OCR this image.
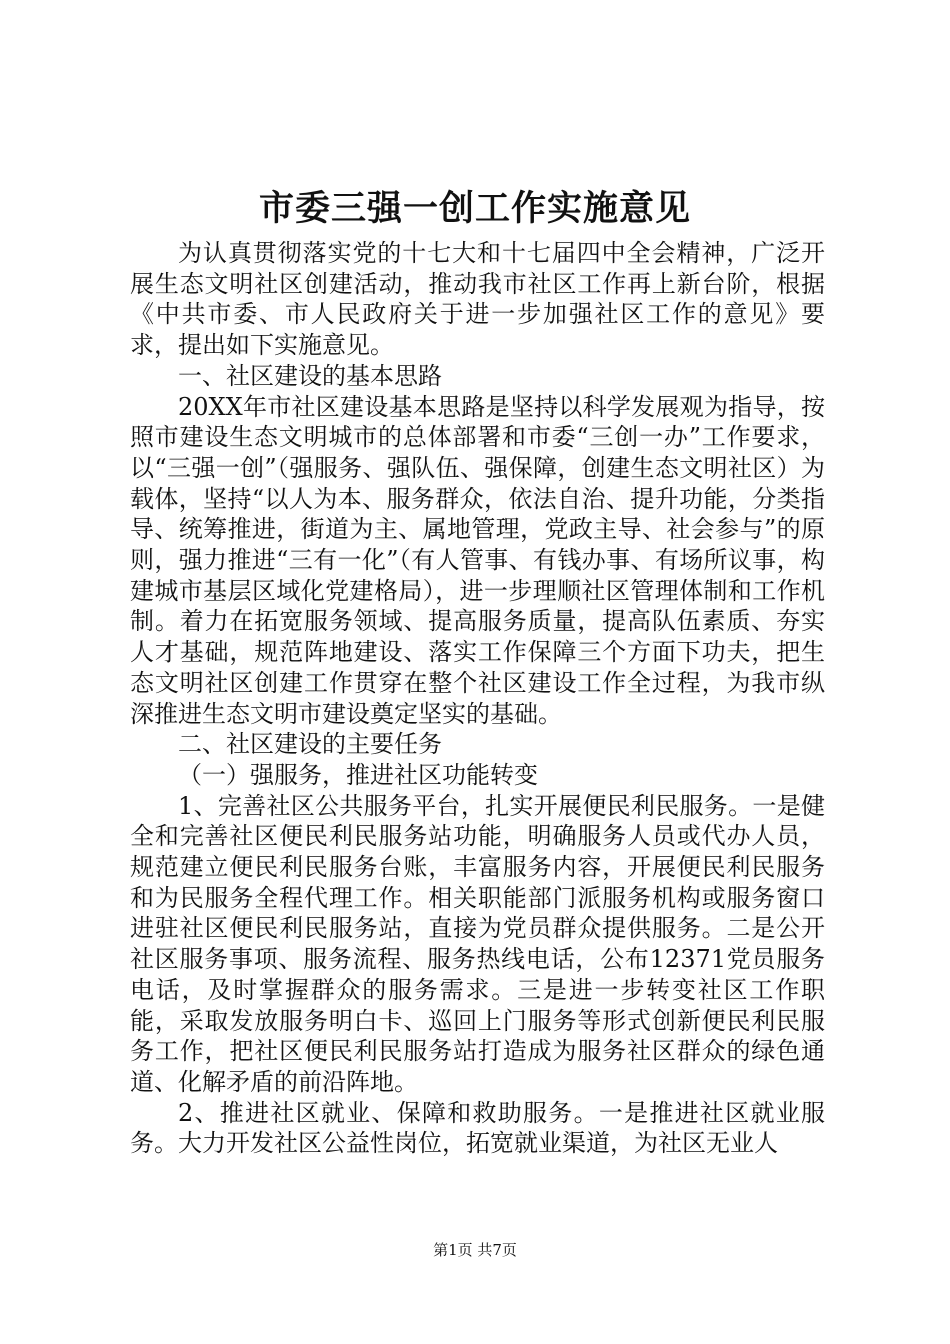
市委三强一创工作实施意见

为认真贯彻落实党的十七大和十七届四中全会精神，广泛开展生态文明社区创建活动，推动我市社区工作再上新台阶，根据《中共市委、市人民政府关于进一步加强社区工作的意见》要求，提出如下实施意见。

一、社区建设的基本思路

20XX年市社区建设基本思路是坚持以科学发展观为指导，按照市建设生态文明城市的总体部署和市委“三创一办”工作要求，以“三强一创”（强服务、强队伍、强保障，创建生态文明社区）为载体，坚持“以人为本、服务群众，依法自治、提升功能，分类指导、统筹推进，街道为主、属地管理，党政主导、社会参与”的原则，强力推进“三有一化”（有人管事、有钱办事、有场所议事，构建城市基层区域化党建格局），进一步理顺社区管理体制和工作机制。着力在拓宽服务领域、提高服务质量，提高队伍素质、夯实人才基础，规范阵地建设、落实工作保障三个方面下功夫，把生态文明社区创建工作贯穿在整个社区建设工作全过程，为我市纵深推进生态文明市建设奠定坚实的基础。

二、社区建设的主要任务

（一）强服务，推进社区功能转变

1、完善社区公共服务平台，扎实开展便民利民服务。一是健全和完善社区便民利民服务站功能，明确服务人员或代办人员，规范建立便民利民服务台账，丰富服务内容，开展便民利民服务和为民服务全程代理工作。相关职能部门派服务机构或服务窗口进驻社区便民利民服务站，直接为党员群众提供服务。二是公开社区服务事项、服务流程、服务热线电话，公布12371党员服务电话，及时掌握群众的服务需求。三是进一步转变社区工作职能，采取发放服务明白卡、巡回上门服务等形式创新便民利民服务工作，把社区便民利民服务站打造成为服务社区群众的绿色通道、化解矛盾的前沿阵地。

2、推进社区就业、保障和救助服务。一是推进社区就业服务。大力开发社区公益性岗位，拓宽就业渠道，为社区无业人

第1页 共7页
